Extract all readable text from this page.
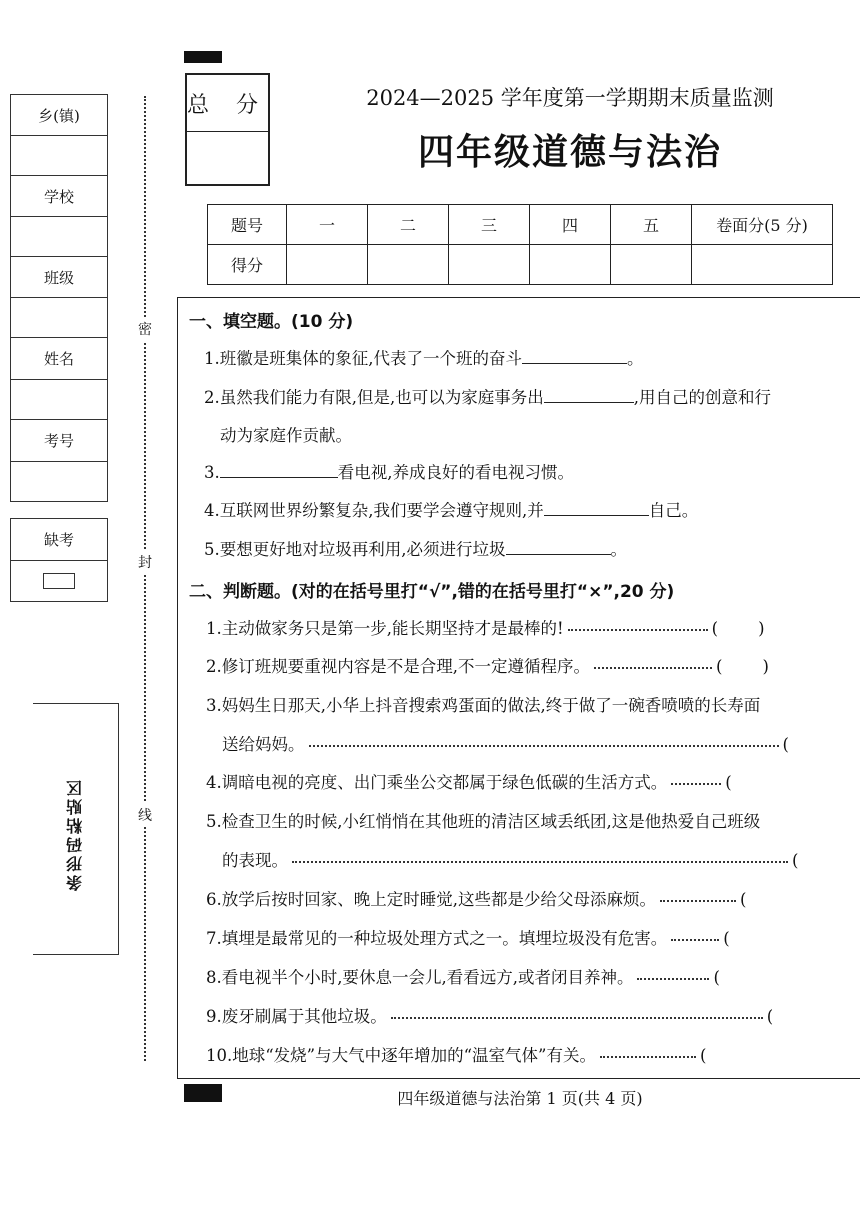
乡(镇)
学校
班级
姓名
考号
缺考
条形码粘贴区
密
封
线
总 分	2024—2025 学年度第一学期期末质量监测
四年级道德与法治
题号	一	二	三	四	五	卷面分(5 分)
得分						
一、填空题。(10 分)
1.班徽是班集体的象征,代表了一个班的奋斗	。
2.虽然我们能力有限,但是,也可以为家庭事务出	,用自己的创意和行
动为家庭作贡献。
3.	看电视,养成良好的看电视习惯。
4.互联网世界纷繁复杂,我们要学会遵守规则,并	自己。
5.要想更好地对垃圾再利用,必须进行垃圾	。
二、判断题。(对的在括号里打“√”,错的在括号里打“×”,20 分)
1.主动做家务只是第一步,能长期坚持才是最棒的!	( )
2.修订班规要重视内容是不是合理,不一定遵循程序。	( )
3.妈妈生日那天,小华上抖音搜索鸡蛋面的做法,终于做了一碗香喷喷的长寿面
送给妈妈。	(
4.调暗电视的亮度、出门乘坐公交都属于绿色低碳的生活方式。	(
5.检查卫生的时候,小红悄悄在其他班的清洁区域丢纸团,这是他热爱自己班级
的表现。	(
6.放学后按时回家、晚上定时睡觉,这些都是少给父母添麻烦。	(
7.填埋是最常见的一种垃圾处理方式之一。填埋垃圾没有危害。	(
8.看电视半个小时,要休息一会儿,看看远方,或者闭目养神。	(
9.废牙刷属于其他垃圾。	(
10.地球“发烧”与大气中逐年增加的“温室气体”有关。	(
四年级道德与法治第 1 页(共 4 页)
